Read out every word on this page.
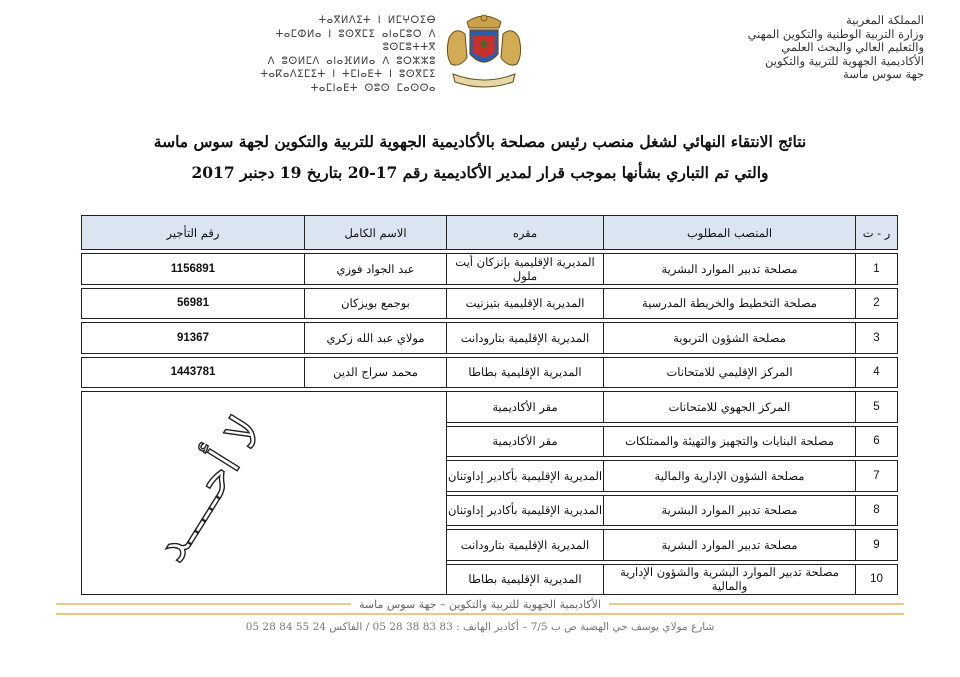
المملكة المغربية
وزارة التربية الوطنية والتكوين المهني
والتعليم العالي والبحث العلمي
الأكاديمية الجهوية للتربية والتكوين
جهة سوس ماسة
ⵜⴰⴳⵍⴷⵉⵜ ⵏ ⵍⵎⵖⵔⵉⴱ
ⵜⴰⵎⵀⵍⴰ ⵏ ⵓⵙⴳⵎⵉ ⴰⵏⴰⵎⵓⵔ ⴷ ⵓⵙⵎⵓⵜⵜⴳ
ⴷ ⵓⵙⵍⵎⴷ ⴰⵏⴰⴼⵍⵍⴰ ⴷ ⵓⵔⵣⵣⵓ
ⵜⴰⴽⴰⴷⵉⵎⵉⵜ ⵏ ⵜⵎⵏⴰⴹⵜ ⵏ ⵓⵙⴳⵎⵉ
ⵜⴰⵎⵏⴰⴹⵜ ⵙⵓⵙ ⵎⴰⵙⵙⴰ
نتائج الانتقاء النهائي لشغل منصب رئيس مصلحة بالأكاديمية الجهوية للتربية والتكوين لجهة سوس ماسة
والتي تم التباري بشأنها بموجب قرار لمدير الأكاديمية رقم 17-20 بتاريخ 19 دجنبر 2017
ر - ت	المنصب المطلوب	مقره	الاسم الكامل	رقم التأجير

1	مصلحة تدبير الموارد البشرية	المديرية الإقليمية بإنزكان أيت ملول	عبد الجواد فوزي	1156891

2	مصلحة التخطيط والخريطة المدرسية	المديرية الإقليمية بتيزنيت	بوجمع بويزكان	56981

3	مصلحة الشؤون التربوية	المديرية الإقليمية بتارودانت	مولاي عبد الله زكري	91367

4	المركز الإقليمي للامتحانات	المديرية الإقليمية بطاطا	محمد سراج الدين	1443781

5	المركز الجهوي للامتحانات	مقر الأكاديمية	لا أحــــد	

6	مصلحة البنايات والتجهيز والتهيئة والممتلكات	مقر الأكاديمية		

7	مصلحة الشؤون الإدارية والمالية	المديرية الإقليمية بأكادير إداوتنان		

8	مصلحة تدبير الموارد البشرية	المديرية الإقليمية بأكادير إداوتنان		

9	مصلحة تدبير الموارد البشرية	المديرية الإقليمية بتارودانت		

10	مصلحة تدبير الموارد البشرية والشؤون الإدارية والمالية	المديرية الإقليمية بطاطا		
الأكاديمية الجهوية للتربية والتكوين – جهة سوس ماسة
شارع مولاي يوسف حي الهضبة ص ب 7/5 – أكادير الهاتف : 83 83 38 28 05 / الفاكس 24 55 84 28 05
